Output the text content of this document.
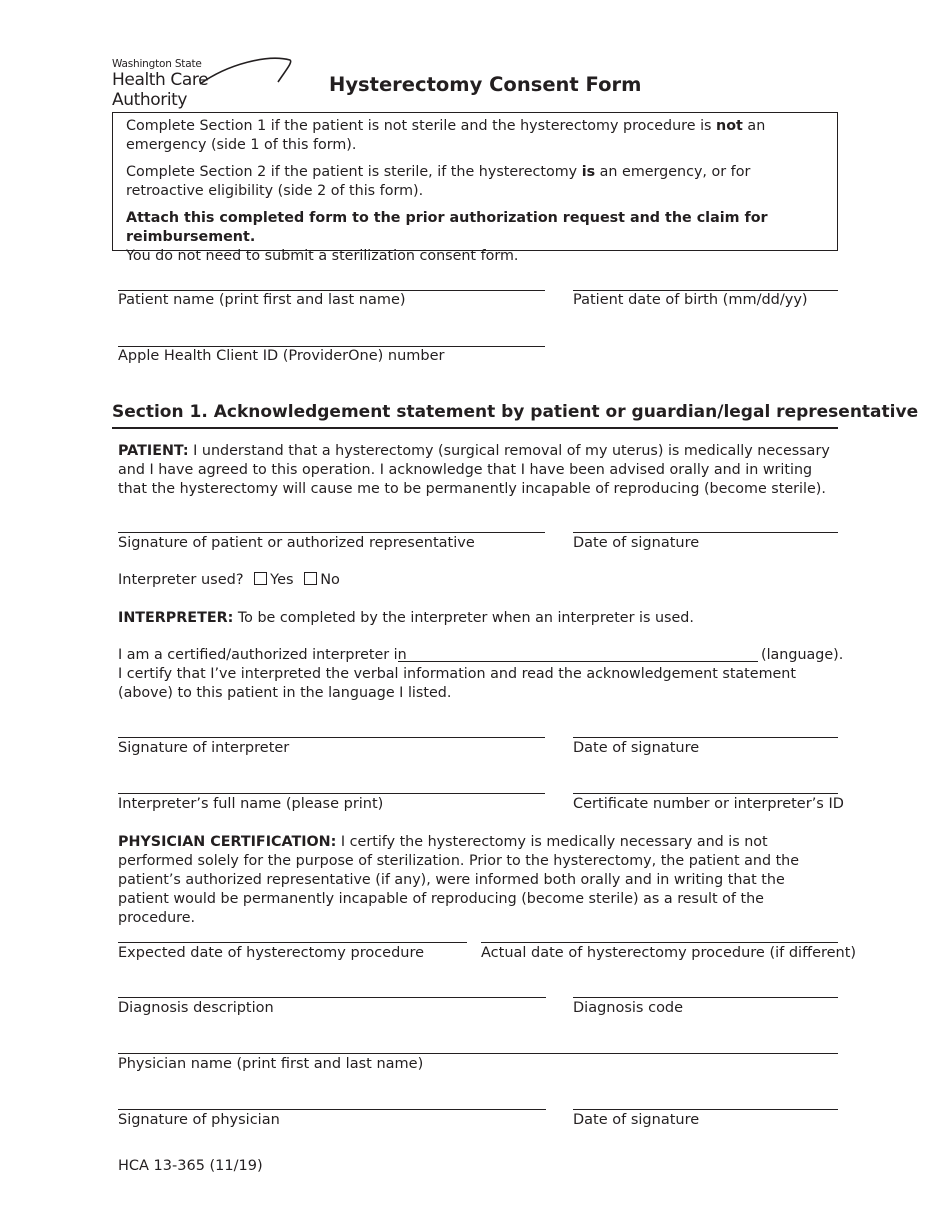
Washington State
Health Care Authority
Hysterectomy Consent Form

Complete Section 1 if the patient is not sterile and the hysterectomy procedure is not an emergency (side 1 of this form).

Complete Section 2 if the patient is sterile, if the hysterectomy is an emergency, or for retroactive eligibility (side 2 of this form).

Attach this completed form to the prior authorization request and the claim for reimbursement.
You do not need to submit a sterilization consent form.

Patient name (print first and last name)	Patient date of birth (mm/dd/yy)
Apple Health Client ID (ProviderOne) number
Section 1. Acknowledgement statement by patient or guardian/legal representative
PATIENT: I understand that a hysterectomy (surgical removal of my uterus) is medically necessary and I have agreed to this operation. I acknowledge that I have been advised orally and in writing that the hysterectomy will cause me to be permanently incapable of reproducing (become sterile).
Signature of patient or authorized representative	Date of signature
Interpreter used? Yes No
INTERPRETER: To be completed by the interpreter when an interpreter is used.
I am a certified/authorized interpreter in	(language).
I certify that I’ve interpreted the verbal information and read the acknowledgement statement (above) to this patient in the language I listed.
Signature of interpreter	Date of signature
Interpreter’s full name (please print)	Certificate number or interpreter’s ID
PHYSICIAN CERTIFICATION: I certify the hysterectomy is medically necessary and is not performed solely for the purpose of sterilization. Prior to the hysterectomy, the patient and the patient’s authorized representative (if any), were informed both orally and in writing that the patient would be permanently incapable of reproducing (become sterile) as a result of the procedure.
Expected date of hysterectomy procedure	Actual date of hysterectomy procedure (if different)
Diagnosis description	Diagnosis code
Physician name (print first and last name)
Signature of physician	Date of signature
HCA 13-365 (11/19)
